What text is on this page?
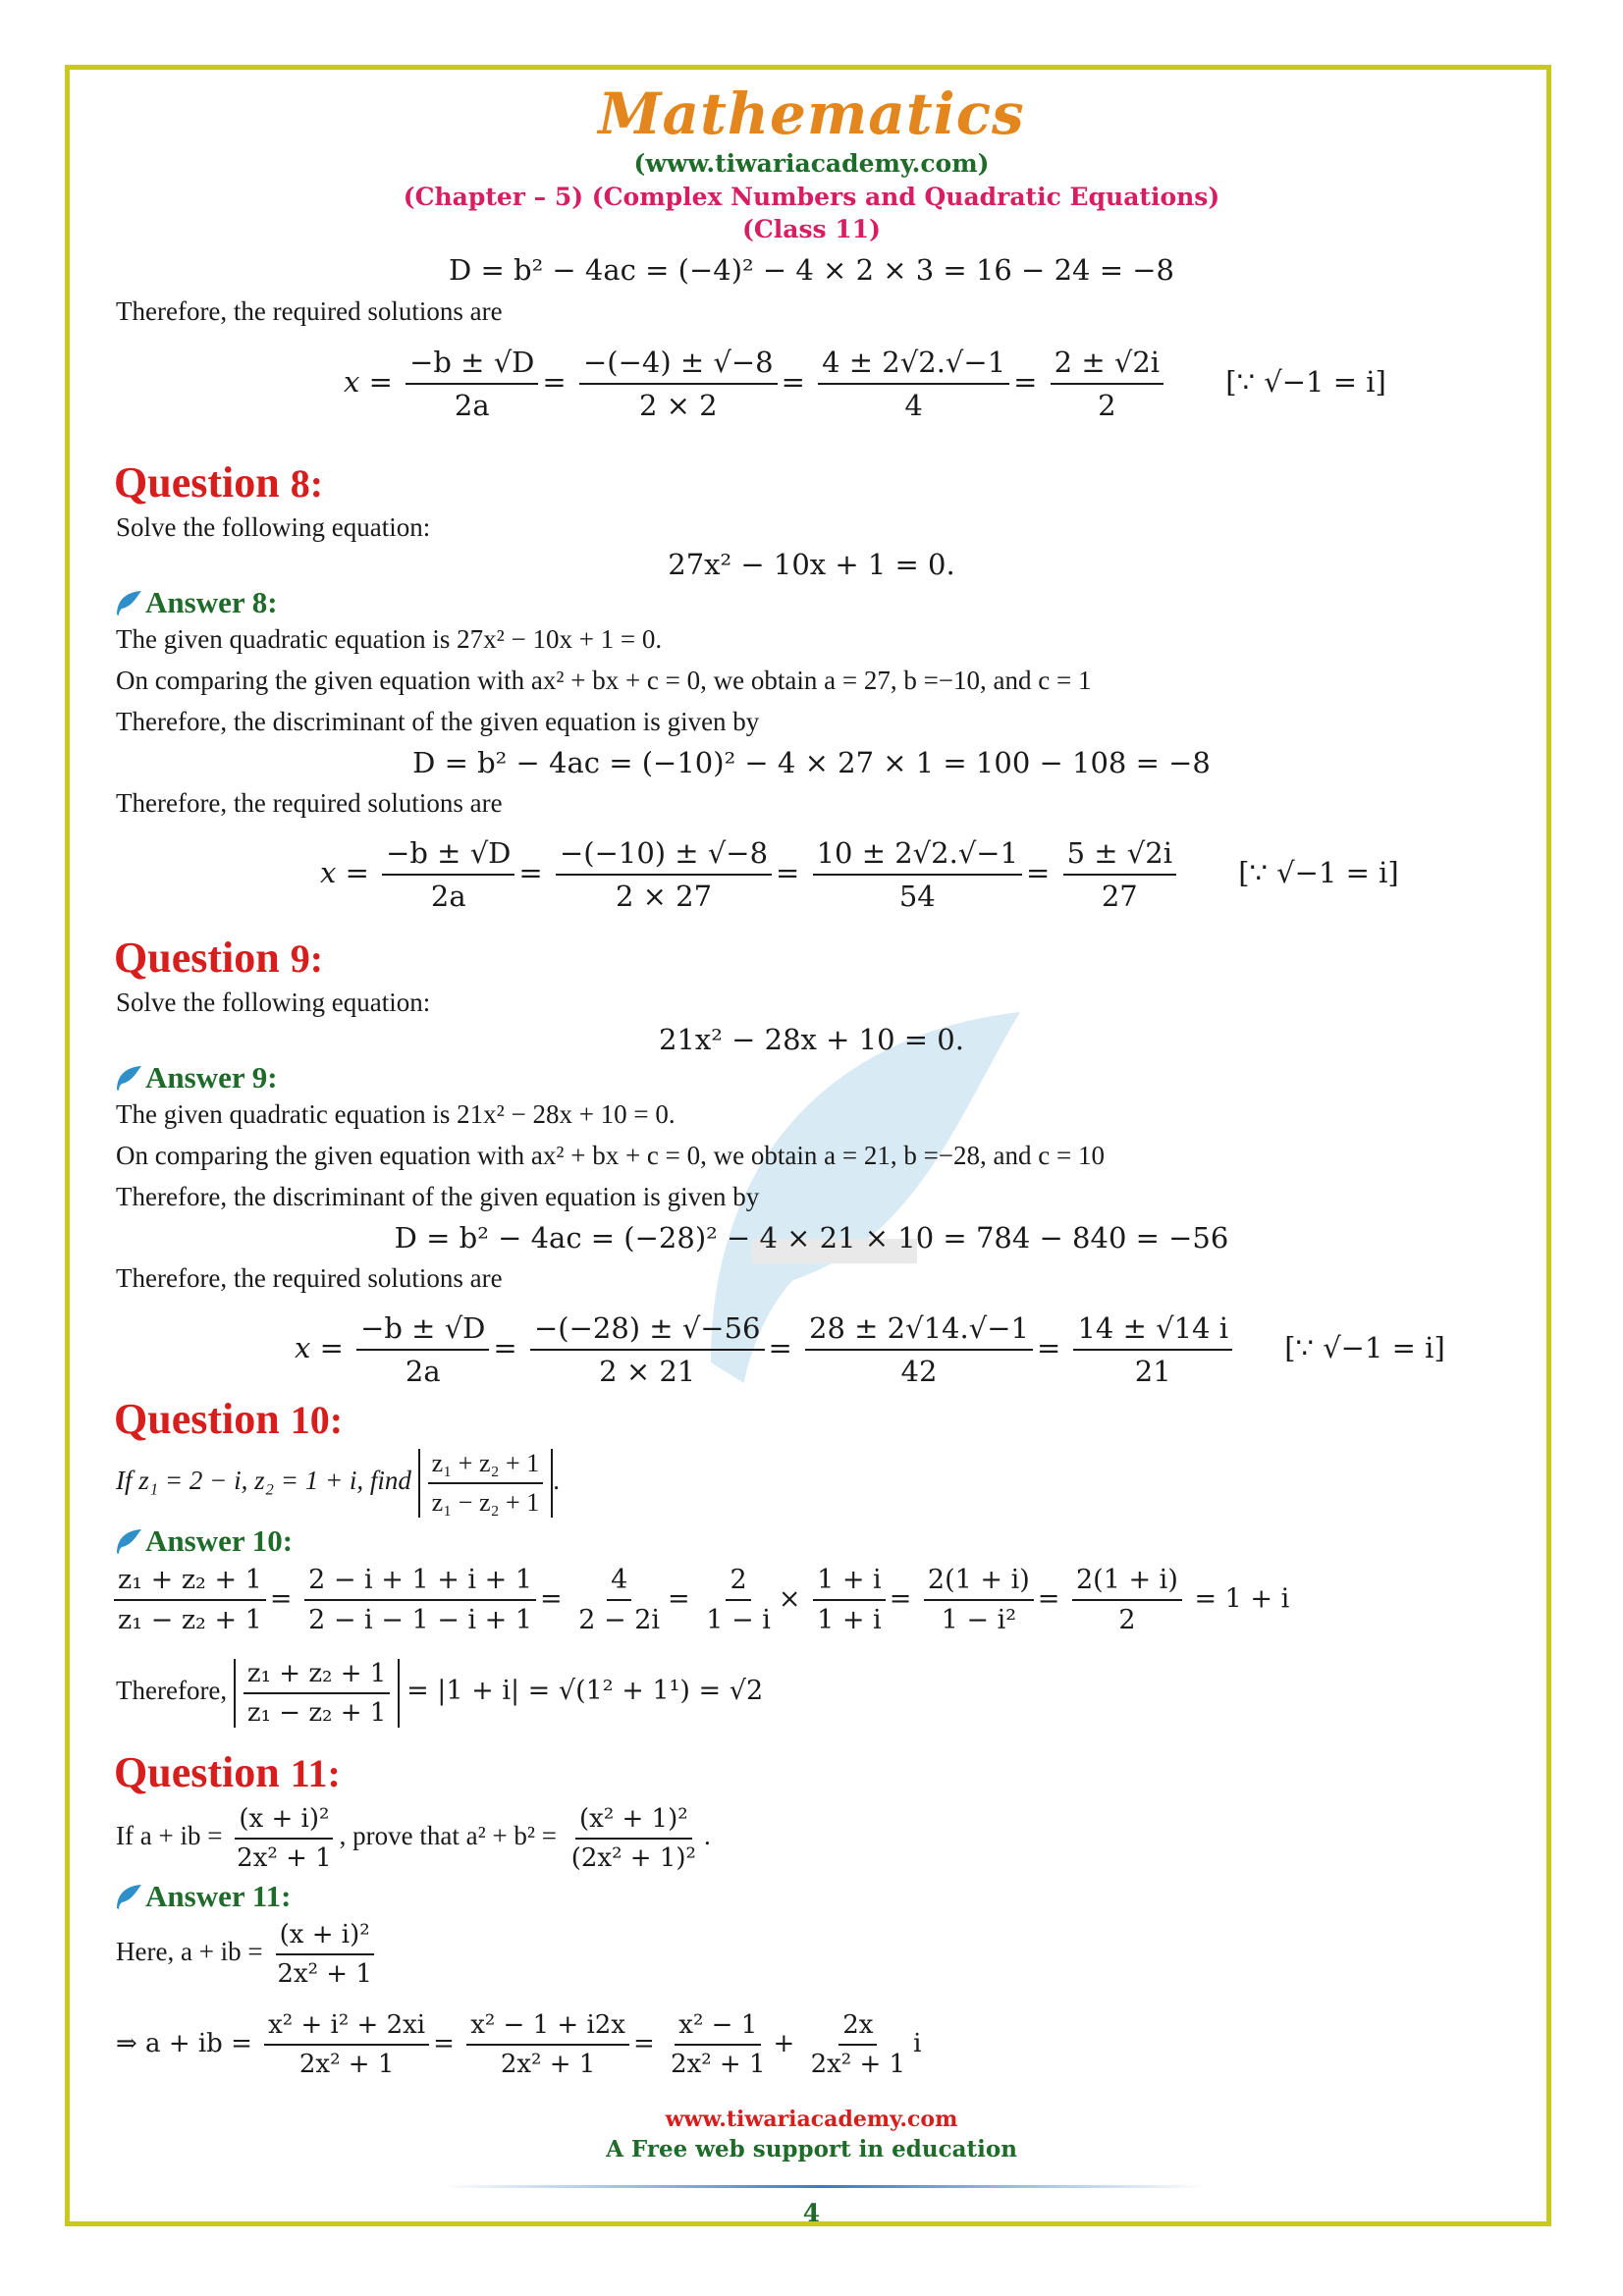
Mathematics
(www.tiwariacademy.com)
(Chapter – 5) (Complex Numbers and Quadratic Equations)
(Class 11)
D = b² − 4ac = (−4)² − 4 × 2 × 3 = 16 − 24 = −8
Therefore, the required solutions are
$x = \frac{-b \pm √D}{2a} = \frac{-(-4) \pm √-8}{2 \times 2} = \frac{4 \pm 2√2.√-1}{4} = \frac{2 \pm √2i}{2}$ [∵ √−1 = i]
Question 8:
Solve the following equation:
27x² − 10x + 1 = 0.
Answer 8:
The given quadratic equation is 27x² − 10x + 1 = 0.
On comparing the given equation with ax² + bx + c = 0, we obtain a = 27, b =−10, and c = 1
Therefore, the discriminant of the given equation is given by
D = b² − 4ac = (−10)² − 4 × 27 × 1 = 100 − 108 = −8
Therefore, the required solutions are
$x = \frac{-b \pm √D}{2a} = \frac{-(-10) \pm √-8}{2 \times 27} = \frac{10 \pm 2√2.√-1}{54} = \frac{5 \pm √2i}{27}$ [∵ √−1 = i]
Question 9:
Solve the following equation:
21x² − 28x + 10 = 0.
Answer 9:
The given quadratic equation is 21x² − 28x + 10 = 0.
On comparing the given equation with ax² + bx + c = 0, we obtain a = 21, b =−28, and c = 10
Therefore, the discriminant of the given equation is given by
D = b² − 4ac = (−28)² − 4 × 21 × 10 = 784 − 840 = −56
Therefore, the required solutions are
$x = \frac{-b \pm √D}{2a} = \frac{-(-28) \pm √-56}{2 \times 21} = \frac{28 \pm 2√14.√-1}{42} = \frac{14 \pm √14 i}{21}$ [∵ √−1 = i]
Question 10:
If z₁ = 2 − i, z₂ = 1 + i, find $\frac{\text{z₁ + z₂ + 1}}{\text{z₁ − z₂ + 1}}$ .
Answer 10:
$\frac{\text{z₁ + z₂ + 1}}{\text{z₁ − z₂ + 1}} = \frac{2 - i + 1 + i + 1}{2 - i - 1 - i + 1} = \frac{4}{2 - 2i} = \frac{2}{1 - i} \times \frac{1 + i}{1 + i} = \frac{2(1 + i)}{\text{1 − i²}} = \frac{2(1 + i)}{2} = 1 + i$
Therefore, $\frac{\text{z₁ + z₂ + 1}}{\text{z₁ − z₂ + 1}} = |1 + i| = √(1^2 + 1^1) = √2$
Question 11:
If a + ib = $\frac{\text{(x + i)²}}{\text{2x² + 1}}$ , prove that $a^2 + b^2 = \frac{\text{(x² + 1)²}}{\text{(2x² + 1)²}}$ .
Answer 11:
Here, a + ib = $\frac{\text{(x + i)²}}{\text{2x² + 1}}$
⇒ a + ib = $\frac{\text{x² + i² + 2xi}}{\text{2x² + 1}} = \frac{\text{x² − 1 + i2x}}{\text{2x² + 1}} = \frac{\text{x² − 1}}{\text{2x² + 1}} + \frac{2x}{\text{2x² + 1}}$ i
www.tiwariacademy.com
A Free web support in education
4
